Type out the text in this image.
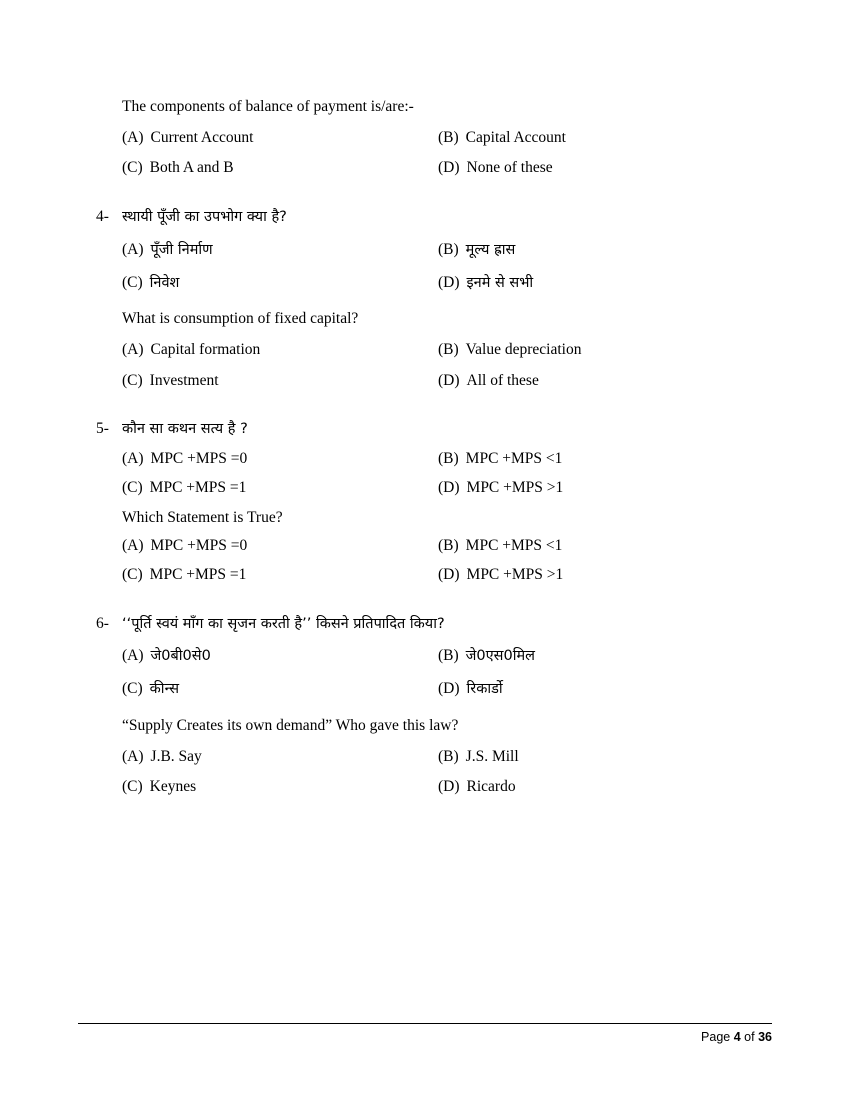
The components of balance of payment is/are:-
(A) Current Account	(B) Capital Account
(C) Both A and B	(D) None of these
4- स्थायी पूँजी का उपभोग क्या है?
(A) पूँजी निर्माण	(B) मूल्य ह्रास
(C) निवेश	(D) इनमे से सभी
What is consumption of fixed capital?
(A) Capital formation	(B) Value depreciation
(C) Investment	(D) All of these
5- कौन सा कथन सत्य है ?
(A) MPC +MPS =0	(B) MPC +MPS <1
(C) MPC +MPS =1	(D) MPC +MPS >1
Which Statement is True?
(A) MPC +MPS =0	(B) MPC +MPS <1
(C) MPC +MPS =1	(D) MPC +MPS >1
6- ‘‘पूर्ति स्वयं माँग का सृजन करती है’’ किसने प्रतिपादित किया?
(A) जे0बी0से0	(B) जे0एस0मिल
(C) कीन्स	(D) रिकार्डो
“Supply Creates its own demand” Who gave this law?
(A) J.B. Say	(B) J.S. Mill
(C) Keynes	(D) Ricardo
Page 4 of 36
